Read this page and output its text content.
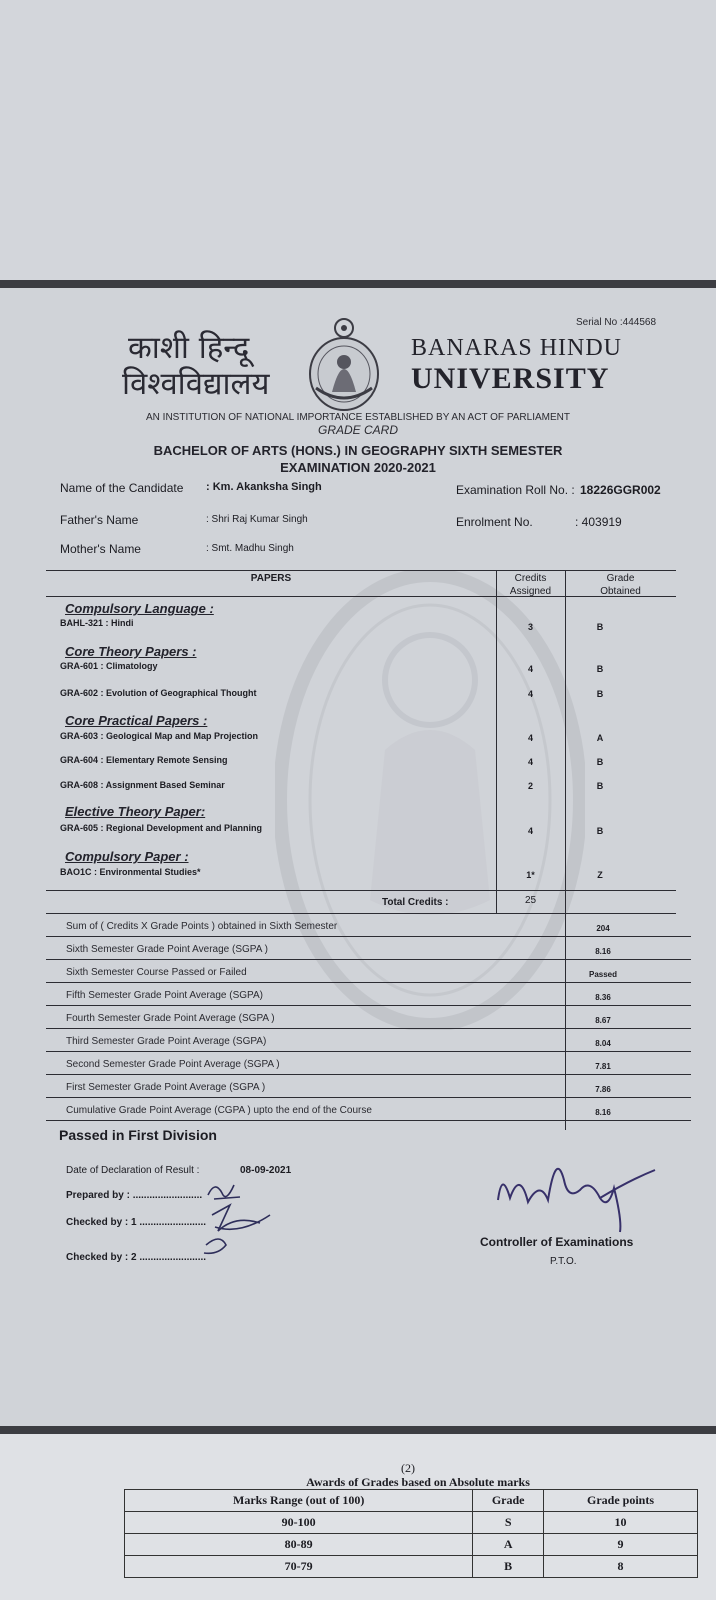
Serial No :444568
काशी हिन्दू
विश्वविद्यालय
BANARAS HINDU
UNIVERSITY
AN INSTITUTION OF NATIONAL IMPORTANCE ESTABLISHED BY AN ACT OF PARLIAMENT
GRADE CARD
BACHELOR OF ARTS (HONS.) IN GEOGRAPHY SIXTH SEMESTER
EXAMINATION 2020-2021
Name of the Candidate : Km. Akanksha Singh	Examination Roll No. : 18226GGR002
Father's Name	: Shri Raj Kumar Singh	Enrolment No.	: 403919
Mother's Name	: Smt. Madhu Singh
PAPERS	Credits
Assigned
Grade
Obtained
Compulsory Language :
BAHL-321 : Hindi	3	B
Core Theory Papers :
GRA-601 : Climatology	4	B
GRA-602 : Evolution of Geographical Thought	4	B
Core Practical Papers :
GRA-603 : Geological Map and Map Projection	4	A
GRA-604 : Elementary Remote Sensing	4	B
GRA-608 : Assignment Based Seminar	2	B
Elective Theory Paper:
GRA-605 : Regional Development and Planning	4	B
Compulsory Paper :
BAO1C : Environmental Studies*	1*	Z
Total Credits :	25
Sum of ( Credits X Grade Points ) obtained in Sixth Semester	204
Sixth Semester Grade Point Average (SGPA )	8.16
Sixth Semester Course Passed or Failed	Passed
Fifth Semester Grade Point Average (SGPA)	8.36
Fourth Semester Grade Point Average (SGPA )	8.67
Third Semester Grade Point Average (SGPA)	8.04
Second Semester Grade Point Average (SGPA )	7.81
First Semester Grade Point Average (SGPA )	7.86
Cumulative Grade Point Average (CGPA ) upto the end of the Course	8.16
Passed in First Division
Date of Declaration of Result :	08-09-2021
Prepared by : .........................
Checked by : 1 ........................
Checked by : 2 ........................
Controller of Examinations
P.T.O.
(2)
Awards of Grades based on Absolute marks
Marks Range (out of 100)	Grade	Grade points
90-100	S	10
80-89	A	9
70-79	B	8
